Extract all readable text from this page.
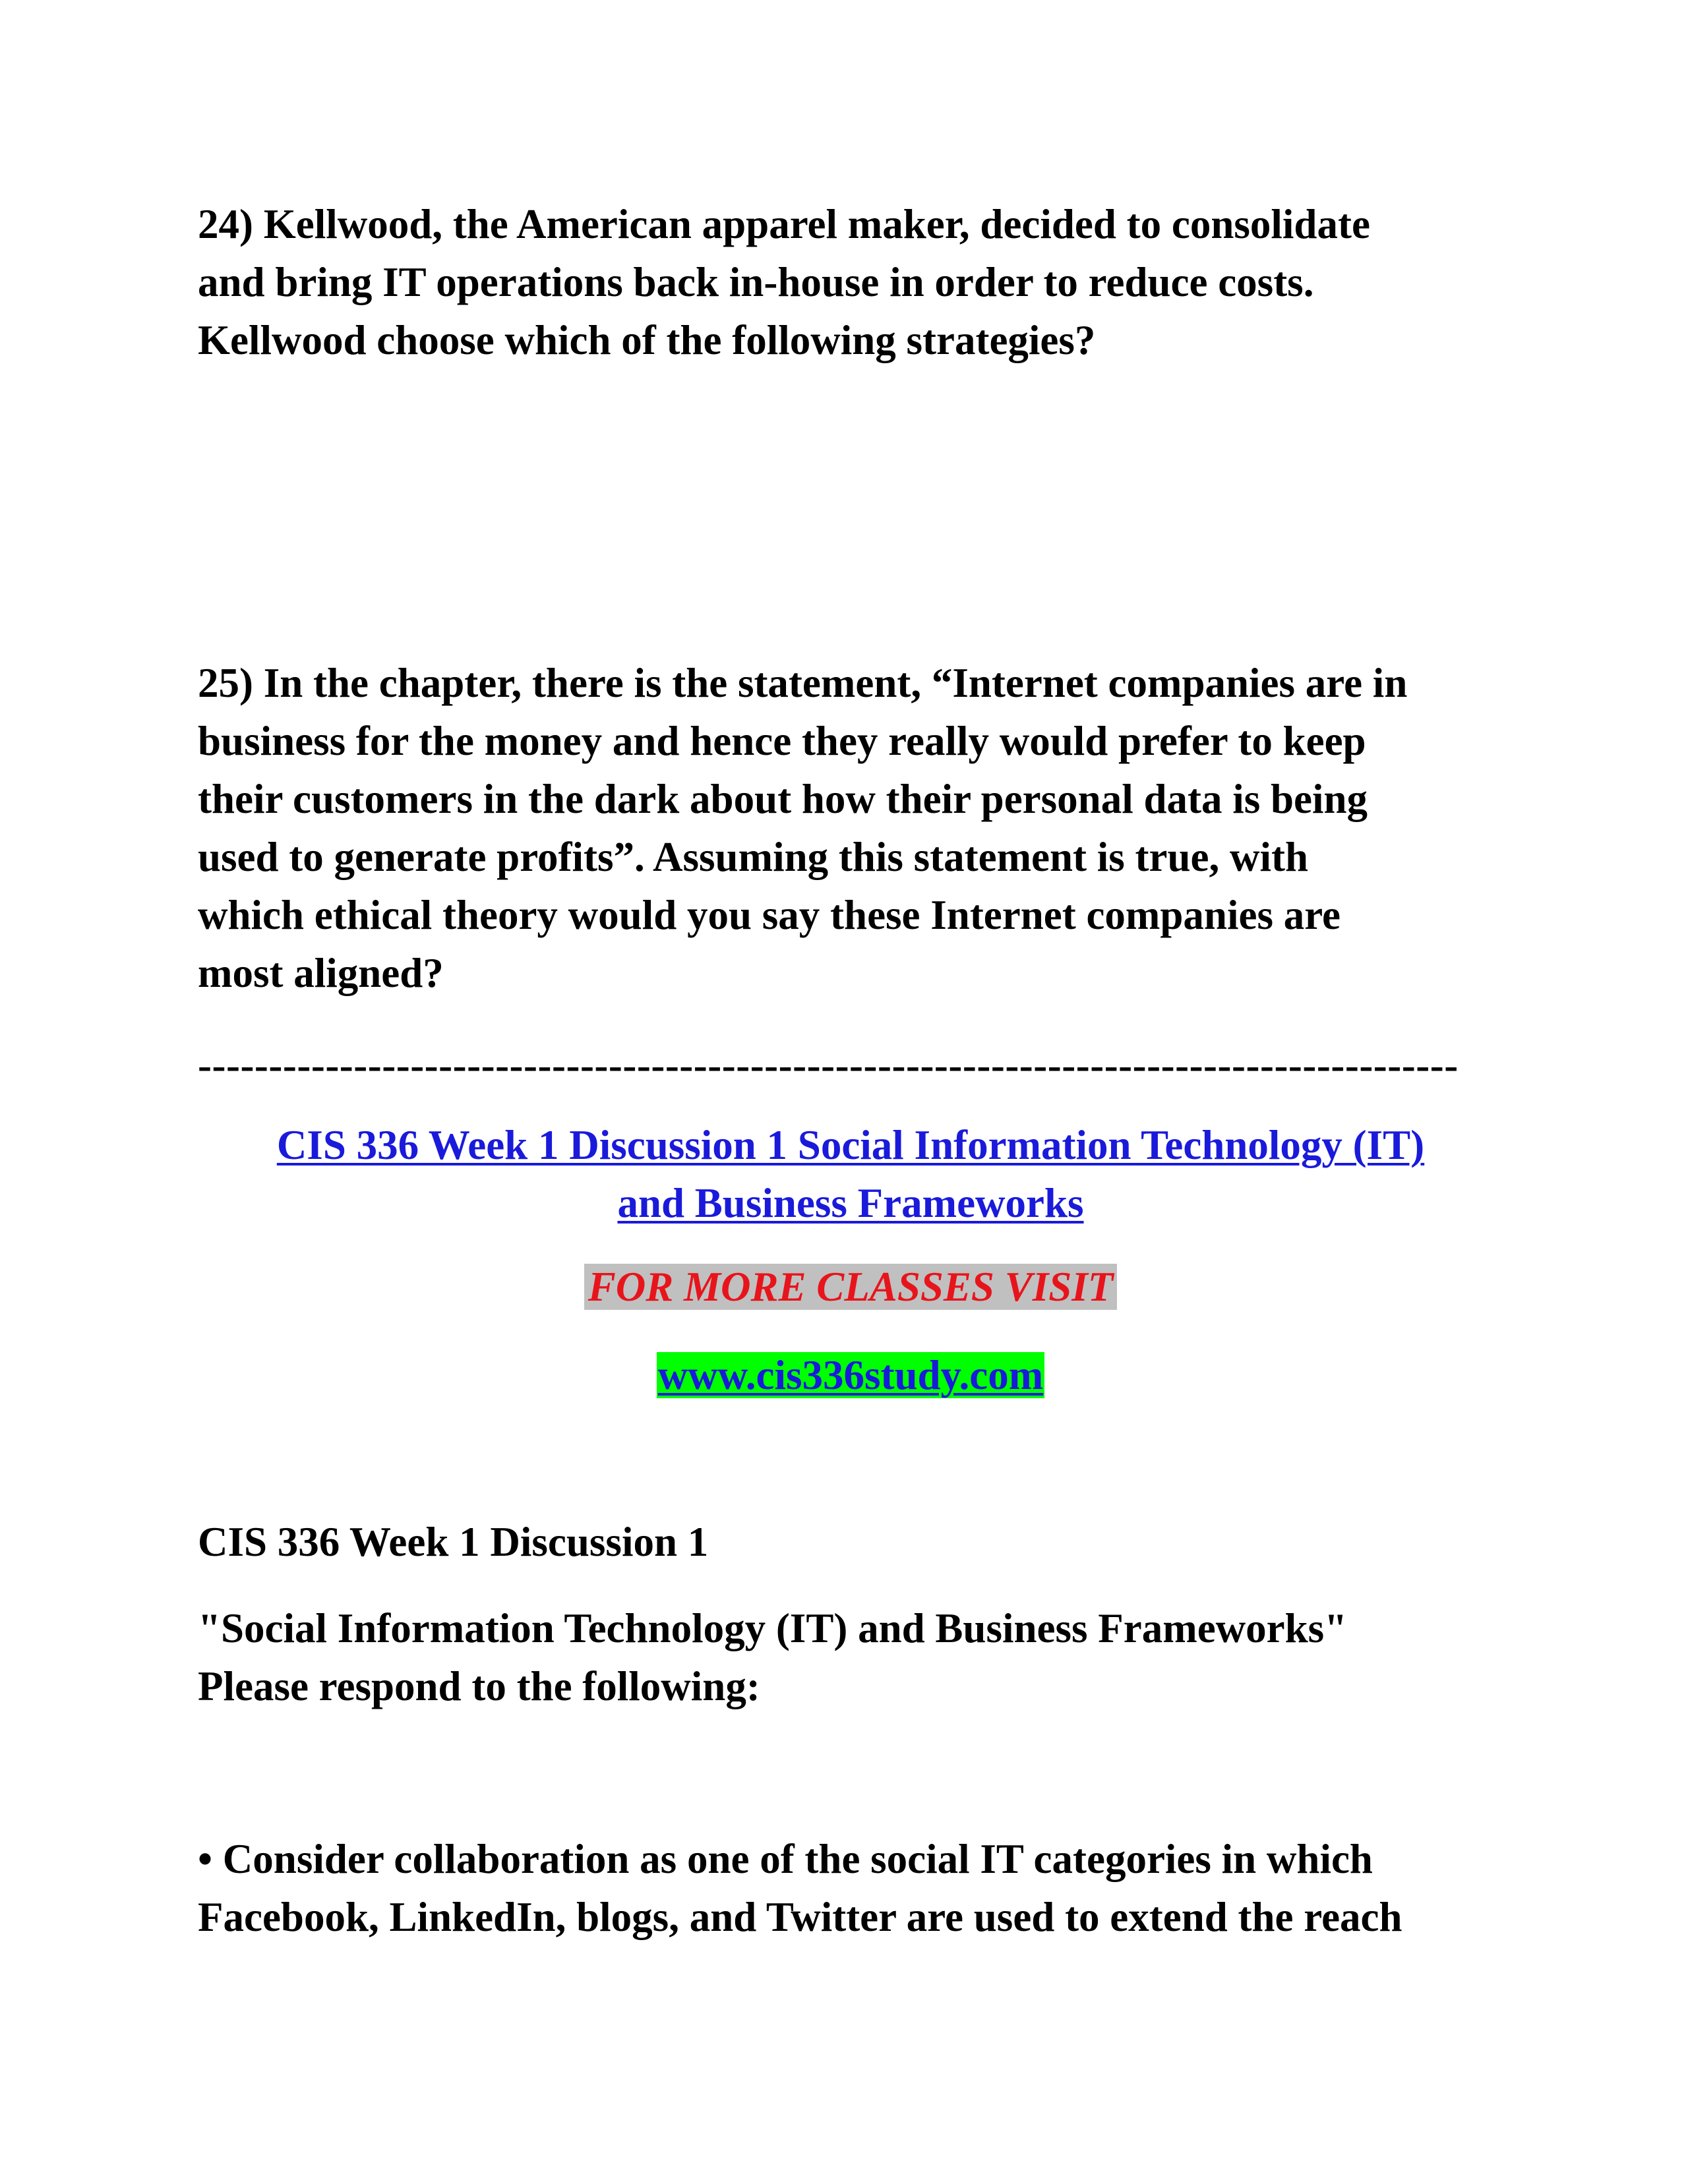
24) Kellwood, the American apparel maker, decided to consolidate
and bring IT operations back in-house in order to reduce costs.
Kellwood choose which of the following strategies?

25) In the chapter, there is the statement, “Internet companies are in
business for the money and hence they really would prefer to keep
their customers in the dark about how their personal data is being
used to generate profits”. Assuming this statement is true, with
which ethical theory would you say these Internet companies are
most aligned?

-----------------------------------------------------------------------------------------
CIS 336 Week 1 Discussion 1 Social Information Technology (IT)
and Business Frameworks
FOR MORE CLASSES VISIT
www.cis336study.com

CIS 336 Week 1 Discussion 1

"Social Information Technology (IT) and Business Frameworks"
Please respond to the following:

• Consider collaboration as one of the social IT categories in which
Facebook, LinkedIn, blogs, and Twitter are used to extend the reach
